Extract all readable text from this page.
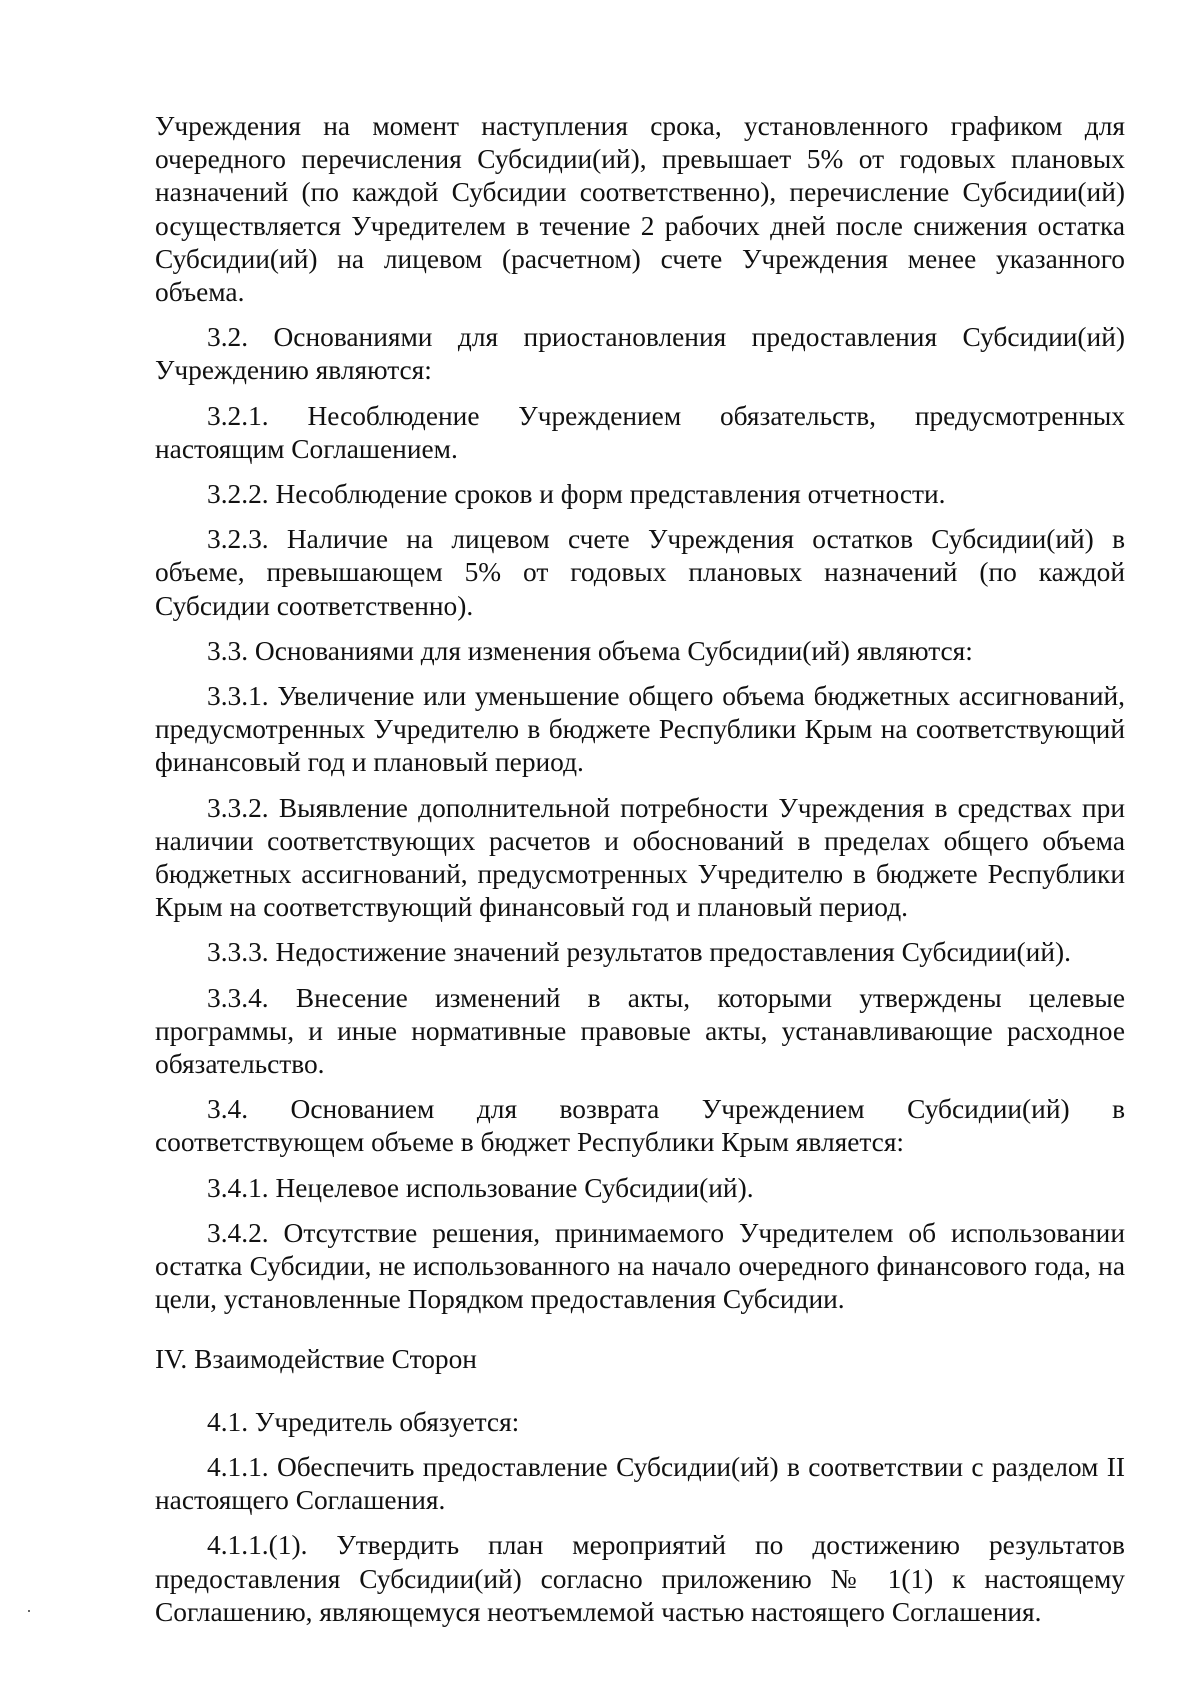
Учреждения на момент наступления срока, установленного графиком для очередного перечисления Субсидии(ий), превышает 5% от годовых плановых назначений (по каждой Субсидии соответственно), перечисление Субсидии(ий) осуществляется Учредителем в течение 2 рабочих дней после снижения остатка Субсидии(ий) на лицевом (расчетном) счете Учреждения менее указанного объема.

3.2. Основаниями для приостановления предоставления Субсидии(ий) Учреждению являются:

3.2.1. Несоблюдение Учреждением обязательств, предусмотренных настоящим Соглашением.

3.2.2. Несоблюдение сроков и форм представления отчетности.

3.2.3. Наличие на лицевом счете Учреждения остатков Субсидии(ий) в объеме, превышающем 5% от годовых плановых назначений (по каждой Субсидии соответственно).

3.3. Основаниями для изменения объема Субсидии(ий) являются:

3.3.1. Увеличение или уменьшение общего объема бюджетных ассигнований, предусмотренных Учредителю в бюджете Республики Крым на соответствующий финансовый год и плановый период.

3.3.2. Выявление дополнительной потребности Учреждения в средствах при наличии соответствующих расчетов и обоснований в пределах общего объема бюджетных ассигнований, предусмотренных Учредителю в бюджете Республики Крым на соответствующий финансовый год и плановый период.

3.3.3. Недостижение значений результатов предоставления Субсидии(ий).

3.3.4. Внесение изменений в акты, которыми утверждены целевые программы, и иные нормативные правовые акты, устанавливающие расходное обязательство.

3.4. Основанием для возврата Учреждением Субсидии(ий) в соответствующем объеме в бюджет Республики Крым является:

3.4.1. Нецелевое использование Субсидии(ий).

3.4.2. Отсутствие решения, принимаемого Учредителем об использовании остатка Субсидии, не использованного на начало очередного финансового года, на цели, установленные Порядком предоставления Субсидии.

IV. Взаимодействие Сторон

4.1. Учредитель обязуется:

4.1.1. Обеспечить предоставление Субсидии(ий) в соответствии с разделом II настоящего Соглашения.

4.1.1.(1). Утвердить план мероприятий по достижению результатов предоставления Субсидии(ий) согласно приложению № 1(1) к настоящему Соглашению, являющемуся неотъемлемой частью настоящего Соглашения.
